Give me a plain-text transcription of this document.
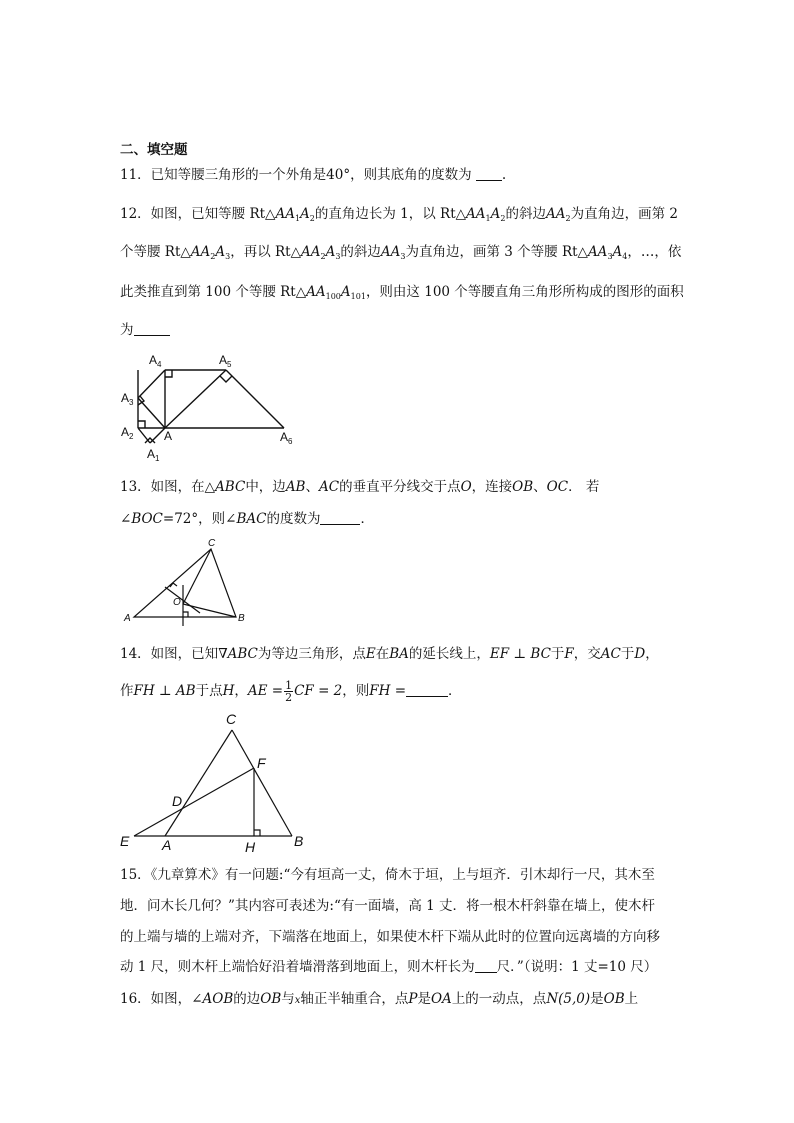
二、填空题
11．已知等腰三角形的一个外角是40°，则其底角的度数为 .
12．如图，已知等腰 $Rt\triangle AA_1A_2$的直角边长为 1，以 $Rt\triangle AA_1A_2$的斜边$AA_2$为直角边，画第 2
个等腰 $Rt\triangle AA_2A_3$，再以 $Rt\triangle AA_2A_3$的斜边$AA_3$为直角边，画第 3 个等腰 $Rt\triangle AA_3A_4$，…，依
此类推直到第 100 个等腰 $Rt\triangle AA_{100}A_{101}$，则由这 100 个等腰直角三角形所构成的图形的面积
为
$A_4$	$A_5$
$A_3$
$A_2$	A
$A_1$
$A_6$
13．如图，在△ABC中，边AB、AC的垂直平分线交于点O，连接OB、OC． 若
∠BOC=72°，则∠BAC的度数为	．
C
A	B
O
14．如图，已知∇ABC为等边三角形，点E在BA的延长线上，EF ⊥ BC于F，交AC于D，
作FH ⊥ AB于点H，AE = $\frac{1}{2}$ CF = 2，则FH =	．
C
F
D
E A	H	B
15．《九章算术》有一问题:“今有垣高一丈，倚木于垣，上与垣齐．引木却行一尺，其木至
地．问木长几何？”其内容可表述为:“有一面墙，高 1 丈．将一根木杆斜靠在墙上，使木杆
的上端与墙的上端对齐，下端落在地面上，如果使木杆下端从此时的位置向远离墙的方向移
动 1 尺，则木杆上端恰好沿着墙滑落到地面上，则木杆长为 尺．”（说明：1 丈=10 尺）
16．如图，∠AOB的边OB与x轴正半轴重合，点P是OA上的一动点，点N(5,0)是OB上
